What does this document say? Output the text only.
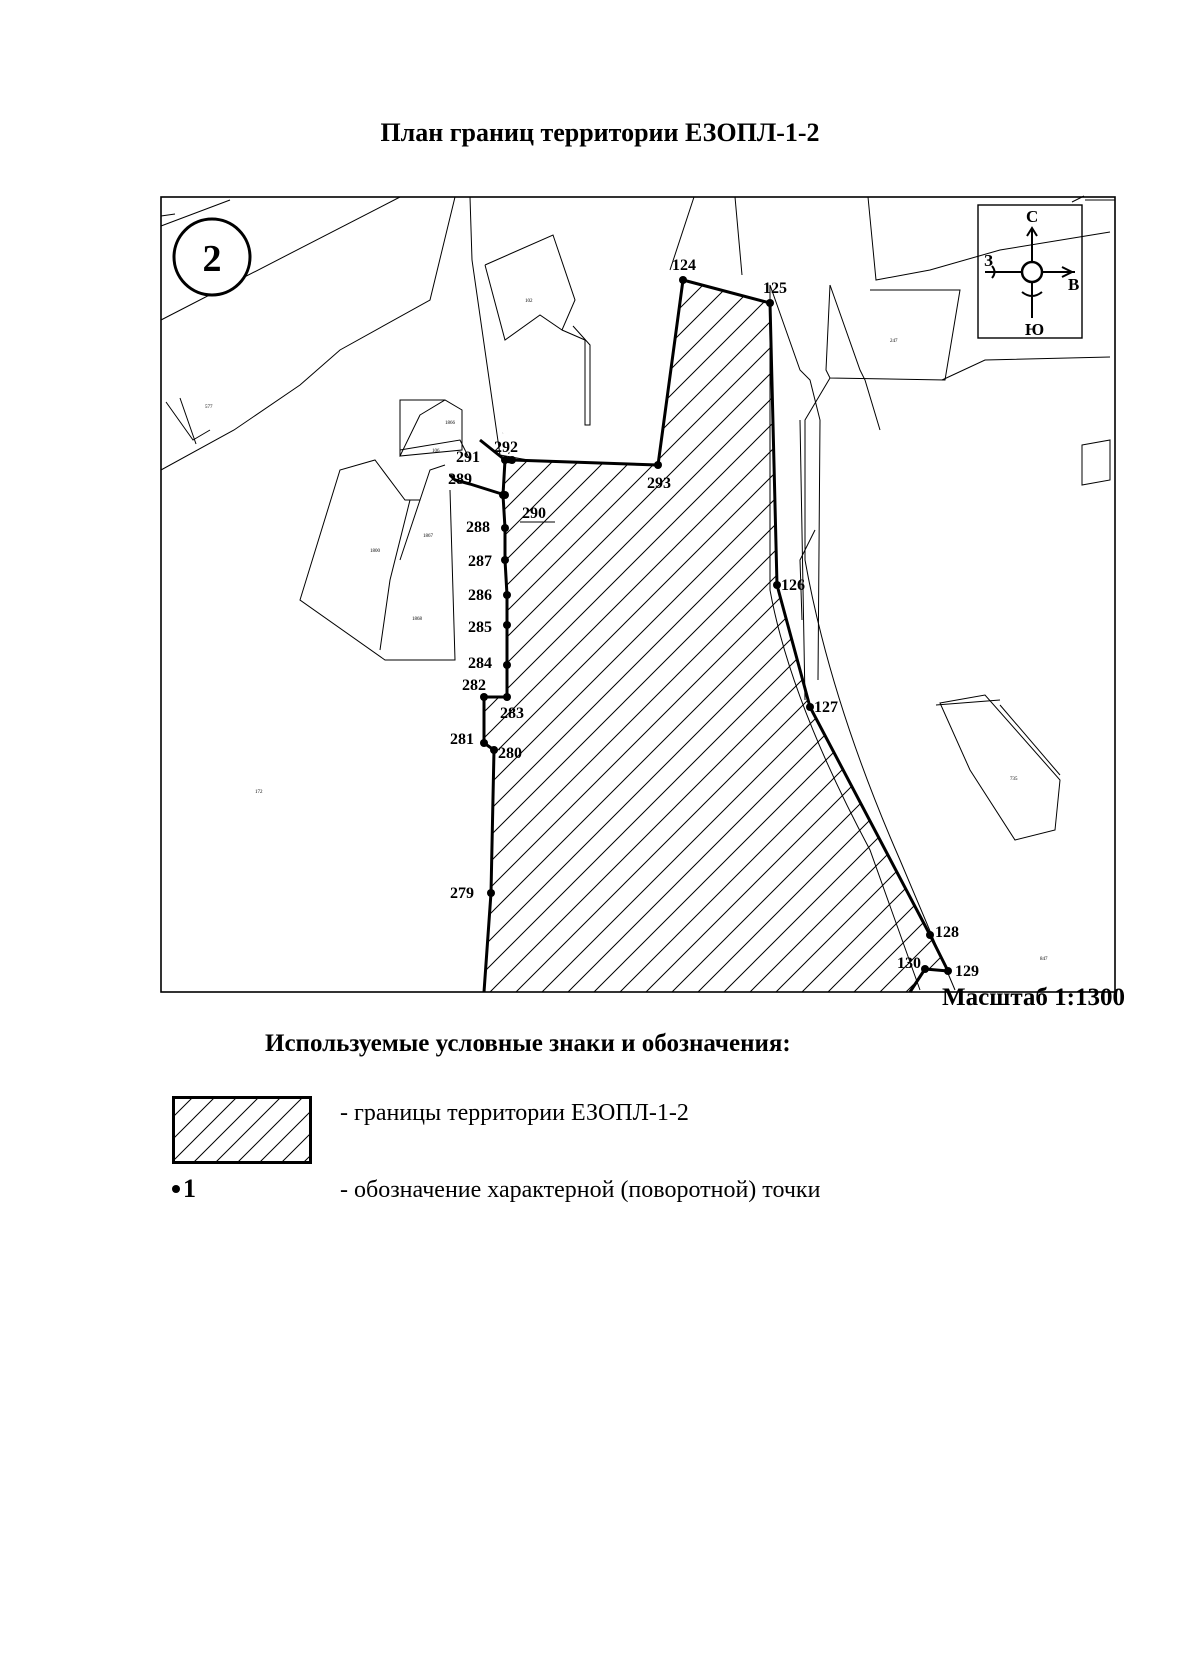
План границ территории ЕЗОПЛ-1-2
124
125
126
127
128
129
130
279
280
281
282
283
284
285
286
287
288
289
290
291
292
293
102
247
577
1866
1867
1868
106
1800
172
735
847
2
С
Ю
З
В
Масштаб 1:1300
Используемые условные знаки и обозначения:
- границы территории ЕЗОПЛ-1-2
1	- обозначение характерной (поворотной) точки
